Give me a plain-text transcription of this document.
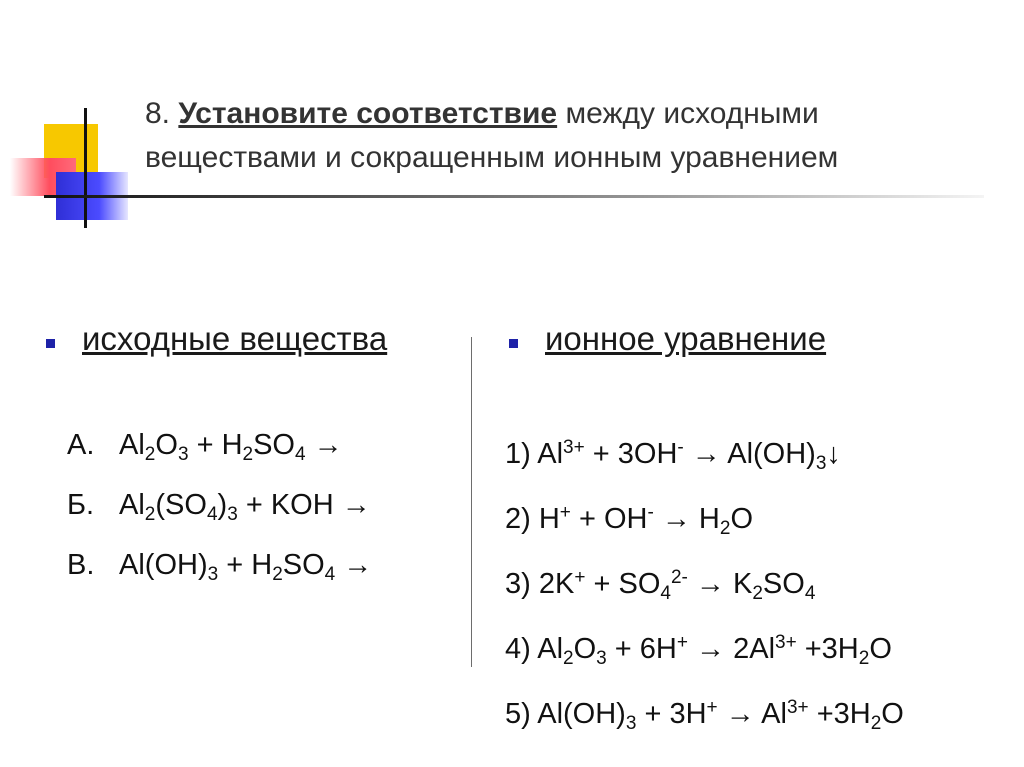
8. Установите соответствие между исходными
веществами и сокращенным ионным уравнением
исходные вещества
А. $Al_2O_3 + H_2SO_4$ →
Б. $Al_2(SO_4)_3$ + KOH →
В. $Al(OH)_3 + H_2SO_4$ →
ионное уравнение
1) $Al^{3+} + 3OH^-$ → $Al(OH)_3↓$
2) $H^+ + OH^- \to H_2O$
3) $2K^+ + SO_4^{2-} \to K_2SO_4$
4) $Al_2O_3 + 6H^+ \to 2Al^{3+} +3H_2O$
5) $Al(OH)_3 + 3H^+ \to Al^{3+} +3H_2O$
